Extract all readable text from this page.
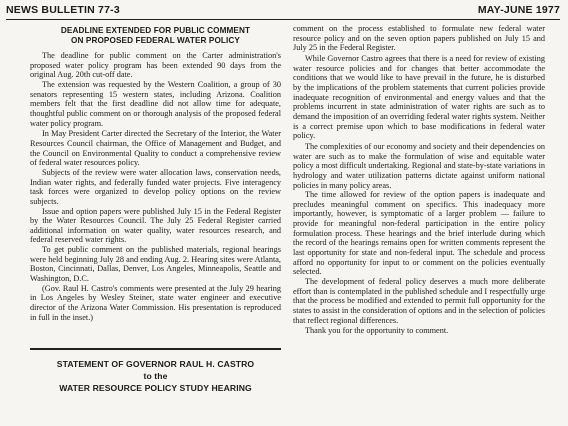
NEWS BULLETIN 77-3	MAY-JUNE 1977
DEADLINE EXTENDED FOR PUBLIC COMMENT
ON PROPOSED FEDERAL WATER POLICY

The deadline for public comment on the Carter administration's proposed water policy program has been extended 90 days from the original Aug. 20th cut-off date.

The extension was requested by the Western Coalition, a group of 30 senators representing 15 western states, including Arizona. Coalition members felt that the first deadline did not allow time for adequate, thoughtful public comment on or thorough analysis of the proposed federal water policy program.

In May President Carter directed the Secretary of the Interior, the Water Resources Council chairman, the Office of Management and Budget, and the Council on Environmental Quality to conduct a comprehensive review of federal water resources policy.

Subjects of the review were water allocation laws, conservation needs, Indian water rights, and federally funded water projects. Five interagency task forces were organized to develop policy options on the review subjects.

Issue and option papers were published July 15 in the Federal Register by the Water Resources Council. The July 25 Federal Register carried additional information on water quality, water resources research, and federal reserved water rights.

To get public comment on the published materials, regional hearings were held beginning July 28 and ending Aug. 2. Hearing sites were Atlanta, Boston, Cincinnati, Dallas, Denver, Los Angeles, Minneapolis, Seattle and Washington, D.C.

(Gov. Raul H. Castro's comments were presented at the July 29 hearing in Los Angeles by Wesley Steiner, state water engineer and executive director of the Arizona Water Commission. His presentation is reproduced in full in the inset.)

STATEMENT OF GOVERNOR RAUL H. CASTRO
to the
WATER RESOURCE POLICY STUDY HEARING

comment on the process established to formulate new federal water resource policy and on the seven option papers published on July 15 and July 25 in the Federal Register.

While Governor Castro agrees that there is a need for review of existing water resource policies and for changes that better accommodate the conditions that we would like to have prevail in the future, he is disturbed by the implications of the problem statements that current policies provide inadequate recognition of environmental and energy values and that the problems incurrent in state administration of water rights are such as to demand the imposition of an overriding federal water rights system. Neither is a correct premise upon which to base modifications in federal water policy.

The complexities of our economy and society and their dependencies on water are such as to make the formulation of wise and equitable water policy a most difficult undertaking. Regional and state-by-state variations in hydrology and water utilization patterns dictate against uniform national policies in many policy areas.

The time allowed for review of the option papers is inadequate and precludes meaningful comment on specifics. This inadequacy more importantly, however, is symptomatic of a larger problem — failure to provide for meaningful non-federal participation in the entire policy formulation process. These hearings and the brief interlude during which the record of the hearings remains open for written comments represent the last opportunity for state and non-federal input. The schedule and process afford no opportunity for input to or comment on the policies eventually selected.

The development of federal policy deserves a much more deliberate effort than is contemplated in the published schedule and I respectfully urge that the process be modified and extended to permit full opportunity for the states to assist in the consideration of options and in the selection of policies that reflect regional differences.

Thank you for the opportunity to comment.
